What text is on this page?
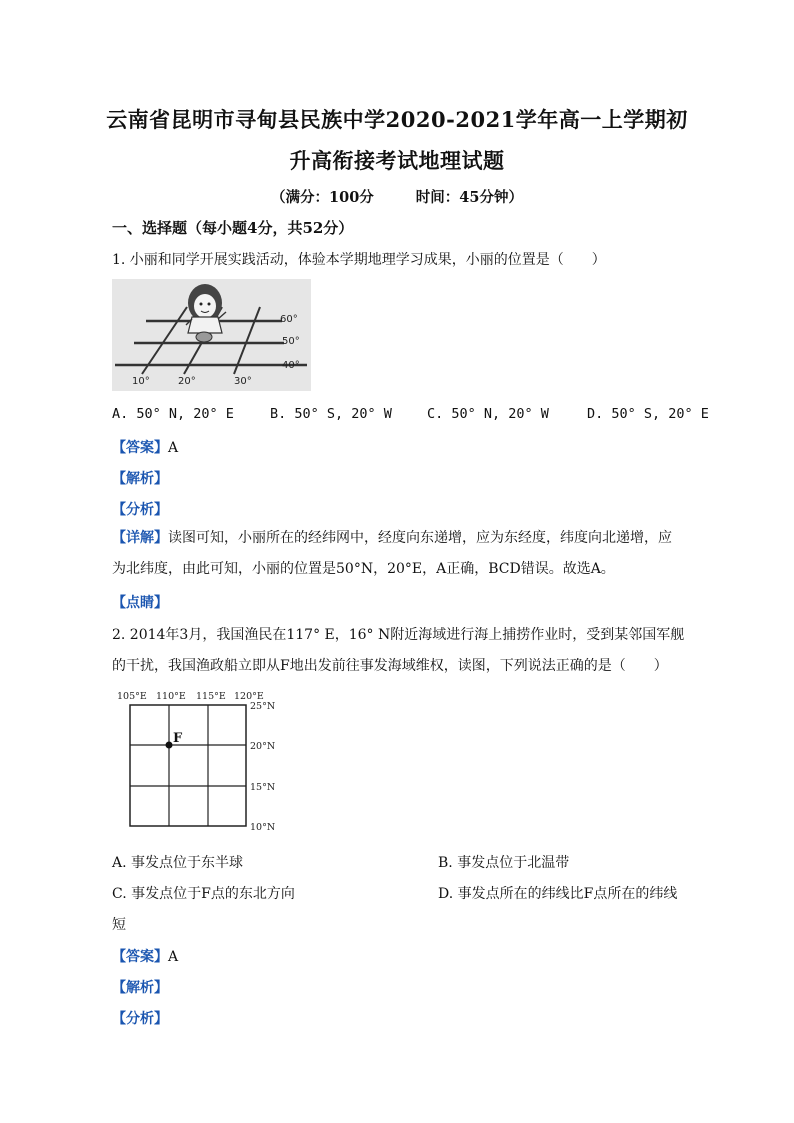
云南省昆明市寻甸县民族中学2020-2021学年高一上学期初
升高衔接考试地理试题
（满分：100分	时间：45分钟）
一、选择题（每小题4分，共52分）
1. 小丽和同学开展实践活动，体验本学期地理学习成果，小丽的位置是（　　）
60°
50°
40°
10°	20°	30°
A. 50° N, 20° E	B. 50° S, 20° W	C. 50° N, 20° W	D. 50° S, 20° E
【答案】A
【解析】
【分析】
【详解】读图可知，小丽所在的经纬网中，经度向东递增，应为东经度，纬度向北递增，应为北纬度，由此可知，小丽的位置是50°N，20°E，A正确，BCD错误。故选A。
【点睛】
2. 2014年3月，我国渔民在117° E，16° N附近海域进行海上捕捞作业时，受到某邻国军舰
的干扰，我国渔政船立即从F地出发前往事发海域维权，读图，下列说法正确的是（　　）
105°E 110°E 115°E 120°E
25°N
20°N
15°N
10°N
F
A. 事发点位于东半球	B. 事发点位于北温带
C. 事发点位于F点的东北方向	D. 事发点所在的纬线比F点所在的纬线
短
【答案】A
【解析】
【分析】
